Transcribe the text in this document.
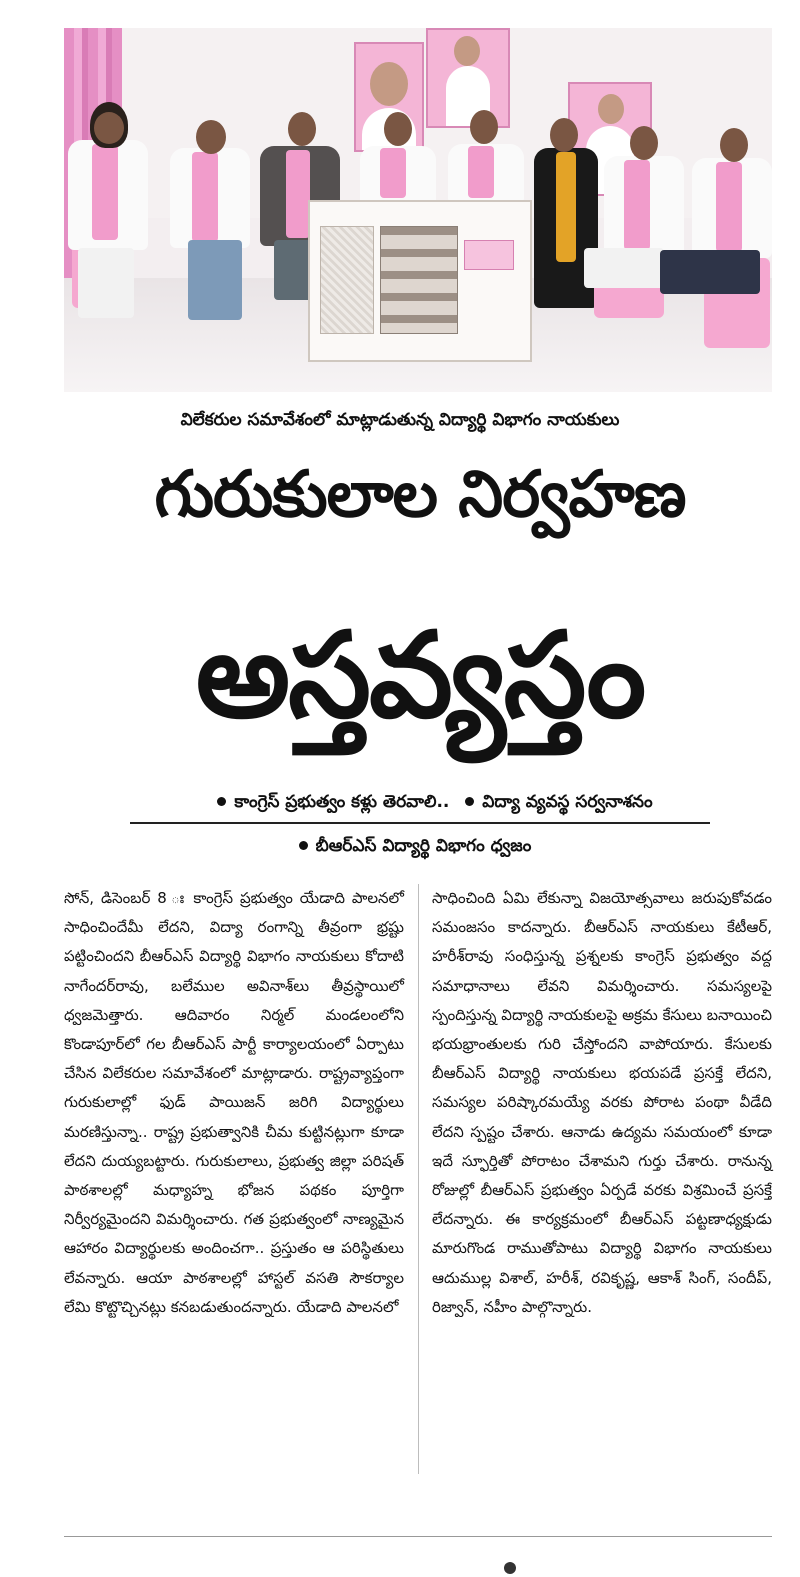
విలేకరుల సమావేశంలో మాట్లాడుతున్న విద్యార్థి విభాగం నాయకులు
గురుకులాల నిర్వహణ
అస్తవ్యస్తం
కాంగ్రెస్ ప్రభుత్వం కళ్లు తెరవాలి.. విద్యా వ్యవస్థ సర్వనాశనం
బీఆర్ఎస్ విద్యార్థి విభాగం ధ్వజం

సోన్, డిసెంబర్ 8 ః కాంగ్రెస్ ప్రభుత్వం యేడాది పాలనలో సాధించిందేమీ లేదని, విద్యా రంగాన్ని తీవ్రంగా భ్రష్టు పట్టించిందని బీఆర్ఎస్ విద్యార్థి విభాగం నాయకులు కోదాటి నాగేందర్‌రావు, బలేముల అవినాశ్‌లు తీవ్రస్థాయిలో ధ్వజమెత్తారు. ఆదివారం నిర్మల్ మండలంలోని కొండాపూర్‌లో గల బీఆర్ఎస్ పార్టీ కార్యాలయంలో ఏర్పాటు చేసిన విలేకరుల సమావేశంలో మాట్లాడారు. రాష్ట్రవ్యాప్తంగా గురుకులాల్లో ఫుడ్ పాయిజన్ జరిగి విద్యార్థులు మరణిస్తున్నా.. రాష్ట్ర ప్రభుత్వానికి చీమ కుట్టినట్లుగా కూడా లేదని దుయ్యబట్టారు. గురుకులాలు, ప్రభుత్వ జిల్లా పరిషత్ పాఠశాలల్లో మధ్యాహ్న భోజన పథకం పూర్తిగా నిర్వీర్యమైందని విమర్శించారు. గత ప్రభుత్వంలో నాణ్యమైన ఆహారం విద్యార్థులకు అందించగా.. ప్రస్తుతం ఆ పరిస్థితులు లేవన్నారు. ఆయా పాఠశాలల్లో హాస్టల్ వసతి సౌకర్యాల లేమి కొట్టొచ్చినట్లు కనబడుతుందన్నారు. యేడాది పాలనలో

సాధించింది ఏమి లేకున్నా విజయోత్సవాలు జరుపుకోవడం సమంజసం కాదన్నారు. బీఆర్ఎస్ నాయకులు కేటీఆర్, హరీశ్‌రావు సంధిస్తున్న ప్రశ్నలకు కాంగ్రెస్ ప్రభుత్వం వద్ద సమాధానాలు లేవని విమర్శించారు. సమస్యలపై స్పందిస్తున్న విద్యార్థి నాయకులపై అక్రమ కేసులు బనాయించి భయభ్రాంతులకు గురి చేస్తోందని వాపోయారు. కేసులకు బీఆర్ఎస్ విద్యార్థి నాయకులు భయపడే ప్రసక్తే లేదని, సమస్యల పరిష్కారమయ్యే వరకు పోరాట పంథా వీడేది లేదని స్పష్టం చేశారు. ఆనాడు ఉద్యమ సమయంలో కూడా ఇదే స్ఫూర్తితో పోరాటం చేశామని గుర్తు చేశారు. రానున్న రోజుల్లో బీఆర్ఎస్ ప్రభుత్వం ఏర్పడే వరకు విశ్రమించే ప్రసక్తే లేదన్నారు. ఈ కార్యక్రమంలో బీఆర్ఎస్ పట్టణాధ్యక్షుడు మారుగొండ రాముతోపాటు విద్యార్థి విభాగం నాయకులు ఆదుముల్ల విశాల్, హరీశ్, రవికృష్ణ, ఆకాశ్ సింగ్, సందీప్, రిజ్వాన్, నహీం పాల్గొన్నారు.
